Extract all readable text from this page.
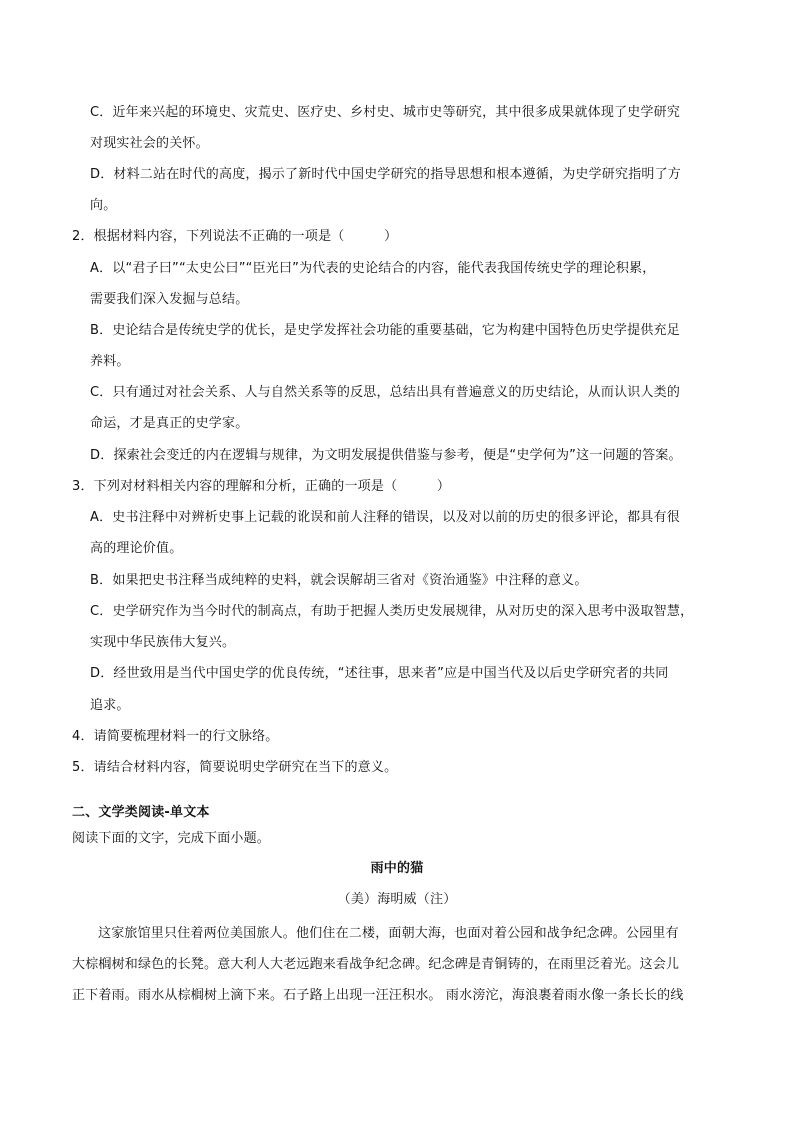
C．近年来兴起的环境史、灾荒史、医疗史、乡村史、城市史等研究，其中很多成果就体现了史学研究
对现实社会的关怀。
D．材料二站在时代的高度，揭示了新时代中国史学研究的指导思想和根本遵循，为史学研究指明了方
向。
2．根据材料内容，下列说法不正确的一项是（　　　）
A．以“君子曰”“太史公曰”“臣光曰”为代表的史论结合的内容，能代表我国传统史学的理论积累，
需要我们深入发掘与总结。
B．史论结合是传统史学的优长，是史学发挥社会功能的重要基础，它为构建中国特色历史学提供充足
养料。
C．只有通过对社会关系、人与自然关系等的反思，总结出具有普遍意义的历史结论，从而认识人类的
命运，才是真正的史学家。
D．探索社会变迁的内在逻辑与规律，为文明发展提供借鉴与参考，便是“史学何为”这一问题的答案。
3．下列对材料相关内容的理解和分析，正确的一项是（　　　）
A．史书注释中对辨析史事上记载的讹误和前人注释的错误，以及对以前的历史的很多评论，都具有很
高的理论价值。
B．如果把史书注释当成纯粹的史料，就会误解胡三省对《资治通鉴》中注释的意义。
C．史学研究作为当今时代的制高点，有助于把握人类历史发展规律，从对历史的深入思考中汲取智慧，
实现中华民族伟大复兴。
D．经世致用是当代中国史学的优良传统，“述往事，思来者”应是中国当代及以后史学研究者的共同
追求。
4．请简要梳理材料一的行文脉络。
5．请结合材料内容，简要说明史学研究在当下的意义。
二、文学类阅读-单文本
阅读下面的文字，完成下面小题。
雨中的猫
（美）海明威（注）
这家旅馆里只住着两位美国旅人。他们住在二楼，面朝大海，也面对着公园和战争纪念碑。公园里有
大棕榈树和绿色的长凳。意大利人大老远跑来看战争纪念碑。纪念碑是青铜铸的，在雨里泛着光。这会儿
正下着雨。雨水从棕榈树上滴下来。石子路上出现一汪汪积水。 雨水滂沱，海浪裹着雨水像一条长长的线
